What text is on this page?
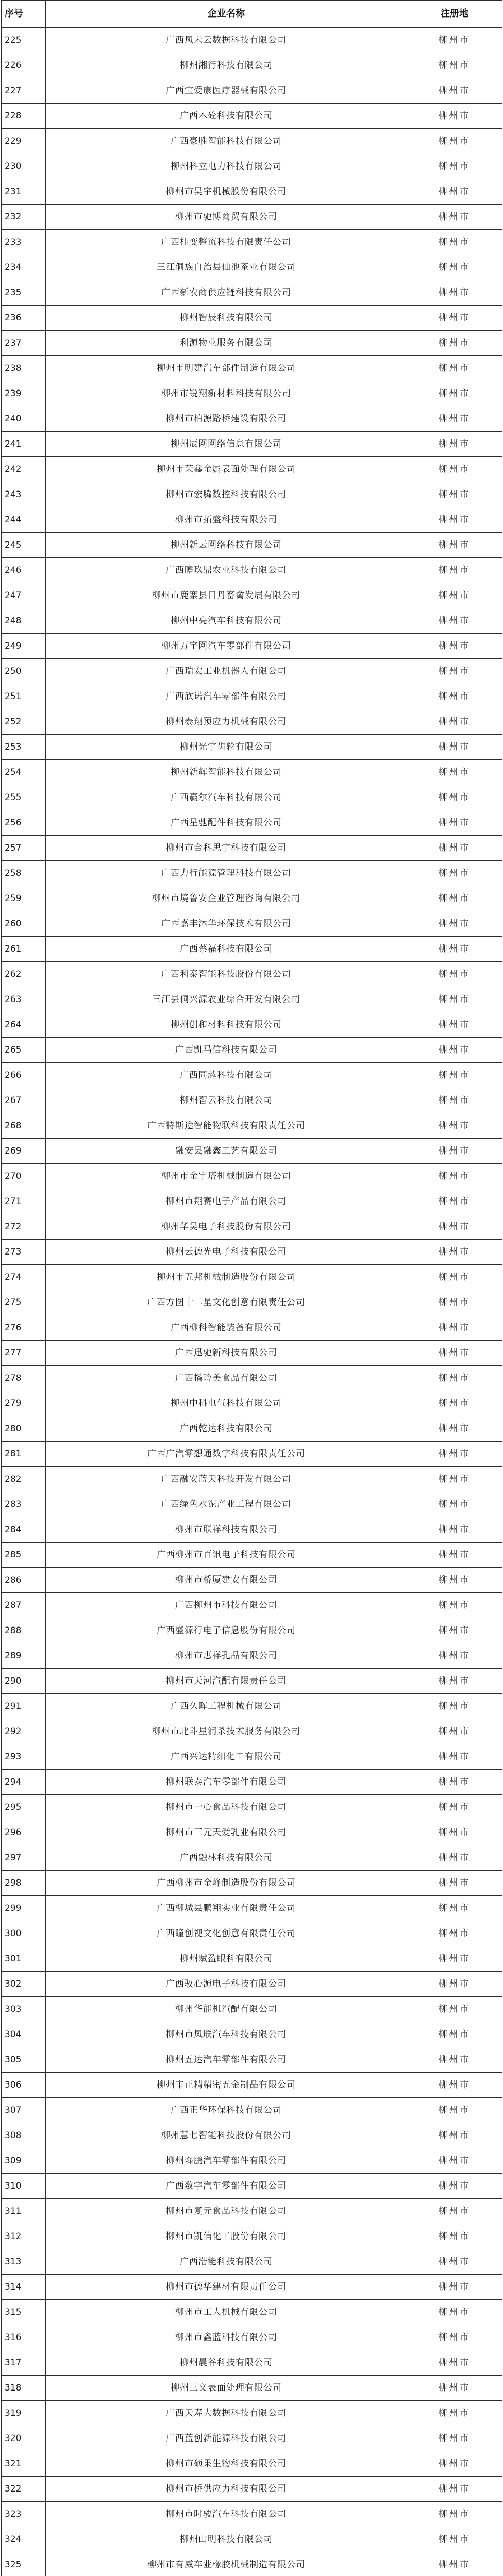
序号	企业名称	注册地
225	广西凤未云数据科技有限公司	柳州市
226	柳州湘行科技有限公司	柳州市
227	广西宝爱康医疗器械有限公司	柳州市
228	广西木砼科技有限公司	柳州市
229	广西豪胜智能科技有限公司	柳州市
230	柳州科立电力科技有限公司	柳州市
231	柳州市昊宇机械股份有限公司	柳州市
232	柳州市驰博商贸有限公司	柳州市
233	广西桂变整流科技有限责任公司	柳州市
234	三江侗族自治县仙池茶业有限公司	柳州市
235	广西新农商供应链科技有限公司	柳州市
236	柳州智辰科技有限公司	柳州市
237	利源物业服务有限公司	柳州市
238	柳州市明建汽车部件制造有限公司	柳州市
239	柳州市锐翔新材料科技有限公司	柳州市
240	柳州市柏源路桥建设有限公司	柳州市
241	柳州辰网网络信息有限公司	柳州市
242	柳州市荣鑫金属表面处理有限公司	柳州市
243	柳州市宏腾数控科技有限公司	柳州市
244	柳州市拓盛科技有限公司	柳州市
245	柳州新云网络科技有限公司	柳州市
246	广西瞻玖鼎农业科技有限公司	柳州市
247	柳州市鹿寨县日丹畜禽发展有限公司	柳州市
248	柳州中亮汽车科技有限公司	柳州市
249	柳州万宇网汽车零部件有限公司	柳州市
250	广西瑞宏工业机器人有限公司	柳州市
251	广西欣诺汽车零部件有限公司	柳州市
252	柳州泰翔预应力机械有限公司	柳州市
253	柳州光宇齿轮有限公司	柳州市
254	柳州新辉智能科技有限公司	柳州市
255	广西赢尔汽车科技有限公司	柳州市
256	广西星驰配件科技有限公司	柳州市
257	柳州市合科思宇科技有限公司	柳州市
258	广西力行能源管理科技有限公司	柳州市
259	柳州市境鲁安企业管理咨询有限公司	柳州市
260	广西嘉丰沐华环保技术有限公司	柳州市
261	广西蔡福科技有限公司	柳州市
262	广西利泰智能科技股份有限公司	柳州市
263	三江县侗兴源农业综合开发有限公司	柳州市
264	柳州创和材料科技有限公司	柳州市
265	广西凯马信科技有限公司	柳州市
266	广西同越科技有限公司	柳州市
267	柳州智云科技有限公司	柳州市
268	广西特斯途智能物联科技有限责任公司	柳州市
269	融安县融鑫工艺有限公司	柳州市
270	柳州市金宇塔机械制造有限公司	柳州市
271	柳州市翔赛电子产品有限公司	柳州市
272	柳州华昊电子科技股份有限公司	柳州市
273	柳州云德光电子科技有限公司	柳州市
274	柳州市五邦机械制造股份有限公司	柳州市
275	广西方图十二星文化创意有限责任公司	柳州市
276	广西柳科智能装备有限公司	柳州市
277	广西迅驰新科技有限公司	柳州市
278	广西播玲美食品有限公司	柳州市
279	柳州中科电气科技有限公司	柳州市
280	广西乾达科技有限公司	柳州市
281	广西广汽零想通数字科技有限责任公司	柳州市
282	广西融安蓝天科技开发有限公司	柳州市
283	广西绿色水泥产业工程有限公司	柳州市
284	柳州市联祥科技有限公司	柳州市
285	广西柳州市百讯电子科技有限公司	柳州市
286	柳州市桥厦建安有限公司	柳州市
287	广西柳州市科技有限公司	柳州市
288	广西盛源行电子信息股份有限公司	柳州市
289	柳州市惠祥孔品有限公司	柳州市
290	柳州市天河汽配有限责任公司	柳州市
291	广西久晖工程机械有限公司	柳州市
292	柳州市北斗星润杀技术服务有限公司	柳州市
293	广西兴达精细化工有限公司	柳州市
294	柳州联泰汽车零部件有限公司	柳州市
295	柳州市一心食品科技有限公司	柳州市
296	柳州市三元天爱乳业有限公司	柳州市
297	广西融林科技有限公司	柳州市
298	广西柳州市金峰制造股份有限公司	柳州市
299	广西柳城县鹏翔实业有限责任公司	柳州市
300	广西瞳创视文化创意有限责任公司	柳州市
301	柳州赋盈眼科有限公司	柳州市
302	广西驭心源电子科技有限公司	柳州市
303	柳州华能机汽配有限公司	柳州市
304	柳州市凤联汽车科技有限公司	柳州市
305	柳州五达汽车零部件有限公司	柳州市
306	柳州市正精精密五金制品有限公司	柳州市
307	广西正华环保科技有限公司	柳州市
308	柳州慧七智能科技股份有限公司	柳州市
309	柳州森鹏汽车零部件有限公司	柳州市
310	广西数字汽车零部件有限公司	柳州市
311	柳州市复元食品科技有限公司	柳州市
312	柳州市凯信化工股份有限公司	柳州市
313	广西浩能科技有限公司	柳州市
314	柳州市德华建材有限责任公司	柳州市
315	柳州市工大机械有限公司	柳州市
316	柳州市鑫蓝科技有限公司	柳州市
317	柳州晨谷科技有限公司	柳州市
318	柳州三义表面处理有限公司	柳州市
319	广西天寿大数据科技有限公司	柳州市
320	广西蓝创新能源科技有限公司	柳州市
321	柳州市硕果生物科技有限公司	柳州市
322	柳州市桥供应力科技有限公司	柳州市
323	柳州市时骏汽车科技有限公司	柳州市
324	柳州山明科技有限公司	柳州市
325	柳州市有威车业橡胶机械制造有限公司	柳州市
